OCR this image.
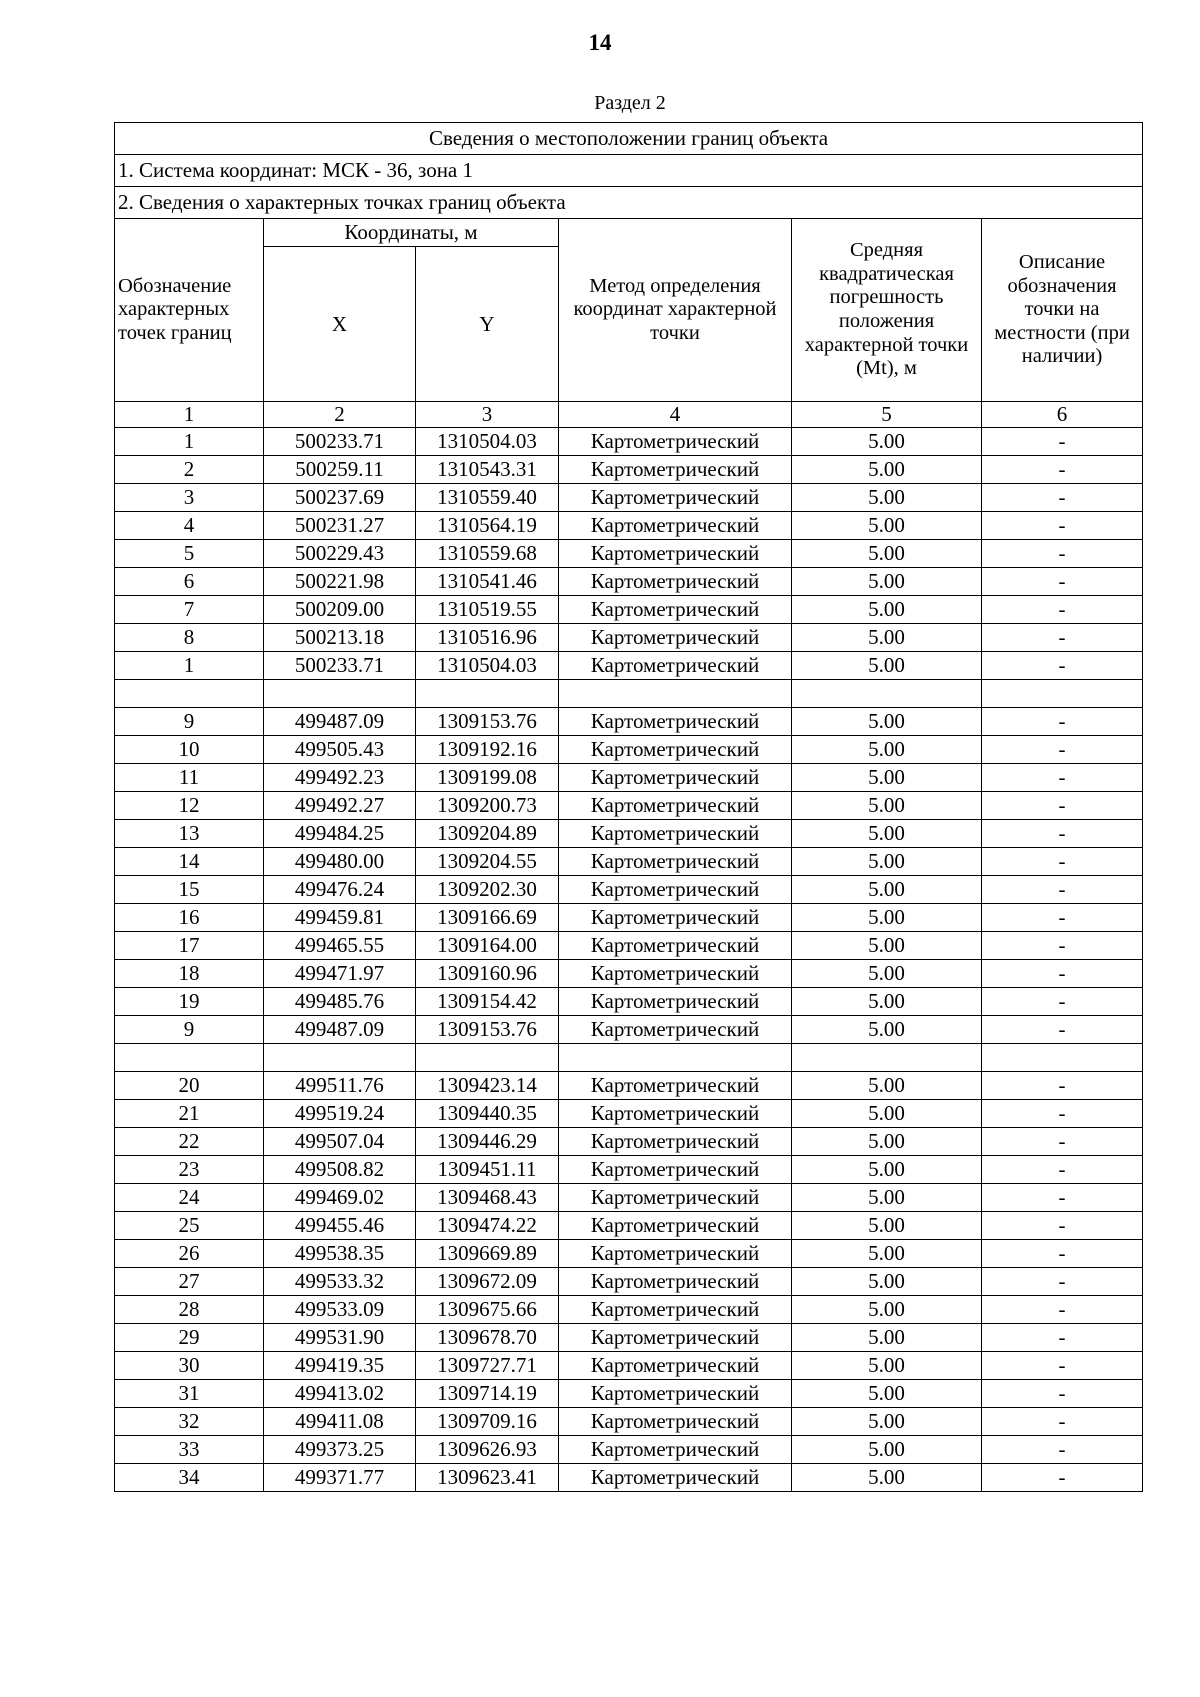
14
Раздел 2
Сведения о местоположении границ объекта					
1. Система координат: МСК - 36, зона 1					
2. Сведения о характерных точках границ объекта					
Обозначение характерных точек границ	Координаты, м		Метод определения координат характерной точки	Средняя квадратическая погрешность положения характерной точки (Mt), м	Описание обозначения точки на местности (при наличии)
	X	Y			
1	2	3	4	5	6
1	500233.71	1310504.03	Картометрический	5.00	-
2	500259.11	1310543.31	Картометрический	5.00	-
3	500237.69	1310559.40	Картометрический	5.00	-
4	500231.27	1310564.19	Картометрический	5.00	-
5	500229.43	1310559.68	Картометрический	5.00	-
6	500221.98	1310541.46	Картометрический	5.00	-
7	500209.00	1310519.55	Картометрический	5.00	-
8	500213.18	1310516.96	Картометрический	5.00	-
1	500233.71	1310504.03	Картометрический	5.00	-

9	499487.09	1309153.76	Картометрический	5.00	-
10	499505.43	1309192.16	Картометрический	5.00	-
11	499492.23	1309199.08	Картометрический	5.00	-
12	499492.27	1309200.73	Картометрический	5.00	-
13	499484.25	1309204.89	Картометрический	5.00	-
14	499480.00	1309204.55	Картометрический	5.00	-
15	499476.24	1309202.30	Картометрический	5.00	-
16	499459.81	1309166.69	Картометрический	5.00	-
17	499465.55	1309164.00	Картометрический	5.00	-
18	499471.97	1309160.96	Картометрический	5.00	-
19	499485.76	1309154.42	Картометрический	5.00	-
9	499487.09	1309153.76	Картометрический	5.00	-

20	499511.76	1309423.14	Картометрический	5.00	-
21	499519.24	1309440.35	Картометрический	5.00	-
22	499507.04	1309446.29	Картометрический	5.00	-
23	499508.82	1309451.11	Картометрический	5.00	-
24	499469.02	1309468.43	Картометрический	5.00	-
25	499455.46	1309474.22	Картометрический	5.00	-
26	499538.35	1309669.89	Картометрический	5.00	-
27	499533.32	1309672.09	Картометрический	5.00	-
28	499533.09	1309675.66	Картометрический	5.00	-
29	499531.90	1309678.70	Картометрический	5.00	-
30	499419.35	1309727.71	Картометрический	5.00	-
31	499413.02	1309714.19	Картометрический	5.00	-
32	499411.08	1309709.16	Картометрический	5.00	-
33	499373.25	1309626.93	Картометрический	5.00	-
34	499371.77	1309623.41	Картометрический	5.00	-
